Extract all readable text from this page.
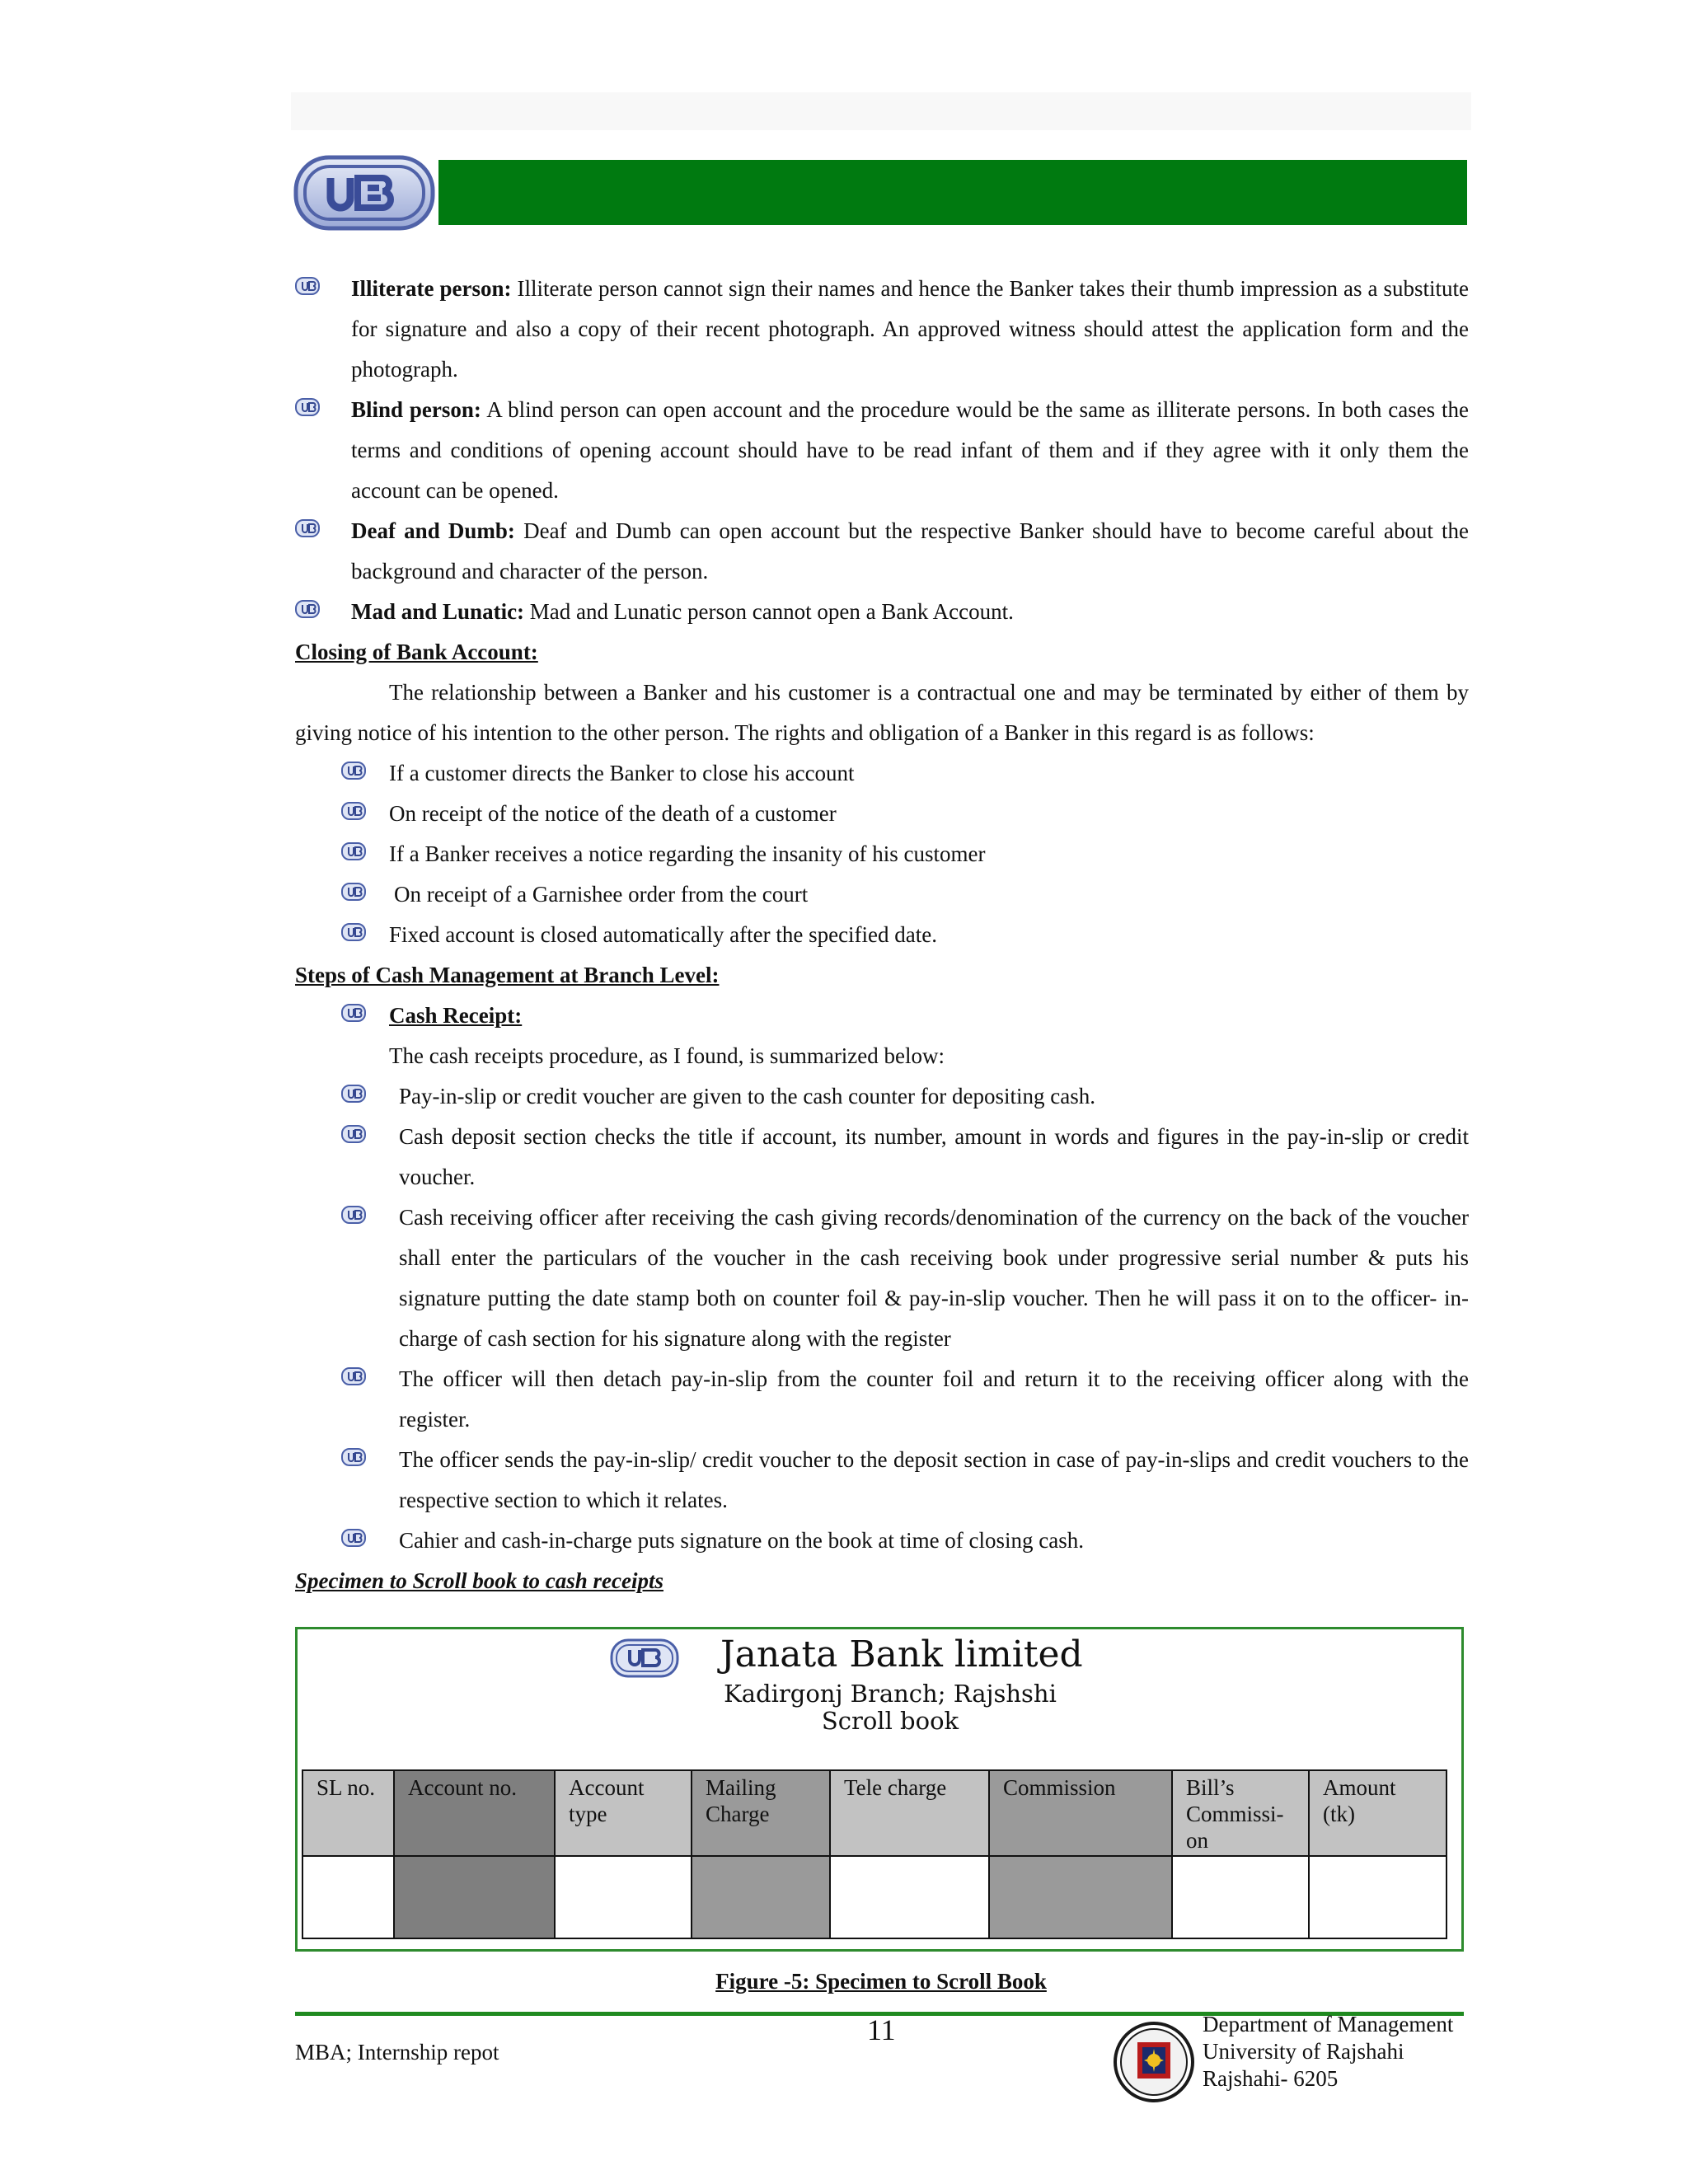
Illiterate person: Illiterate person cannot sign their names and hence the Banker takes their thumb impression as a substitute for signature and also a copy of their recent photograph. An approved witness should attest the application form and the photograph.
Blind person: A blind person can open account and the procedure would be the same as illiterate persons. In both cases the terms and conditions of opening account should have to be read infant of them and if they agree with it only them the account can be opened.
Deaf and Dumb: Deaf and Dumb can open account but the respective Banker should have to become careful about the background and character of the person.
Mad and Lunatic: Mad and Lunatic person cannot open a Bank Account.
Closing of Bank Account:
The relationship between a Banker and his customer is a contractual one and may be terminated by either of them by giving notice of his intention to the other person. The rights and obligation of a Banker in this regard is as follows:
If a customer directs the Banker to close his account
On receipt of the notice of the death of a customer
If a Banker receives a notice regarding the insanity of his customer
On receipt of a Garnishee order from the court
Fixed account is closed automatically after the specified date.
Steps of Cash Management at Branch Level:
Cash Receipt:
The cash receipts procedure, as I found, is summarized below:
Pay-in-slip or credit voucher are given to the cash counter for depositing cash.
Cash deposit section checks the title if account, its number, amount in words and figures in the pay-in-slip or credit voucher.
Cash receiving officer after receiving the cash giving records/denomination of the currency on the back of the voucher shall enter the particulars of the voucher in the cash receiving book under progressive serial number & puts his signature putting the date stamp both on counter foil & pay-in-slip voucher. Then he will pass it on to the officer- in-charge of cash section for his signature along with the register
The officer will then detach pay-in-slip from the counter foil and return it to the receiving officer along with the register.
The officer sends the pay-in-slip/ credit voucher to the deposit section in case of pay-in-slips and credit vouchers to the respective section to which it relates.
Cahier and cash-in-charge puts signature on the book at time of closing cash.
Specimen to Scroll book to cash receipts
Janata Bank limited
Kadirgonj Branch; Rajshshi
Scroll book
SL no.	Account no.	Account type	Mailing Charge	Tele charge	Commission	Bill’s Commissi- on	Amount (tk)

Figure -5: Specimen to Scroll Book
MBA; Internship repot
11	Department of Management
University of Rajshahi
Rajshahi- 6205
